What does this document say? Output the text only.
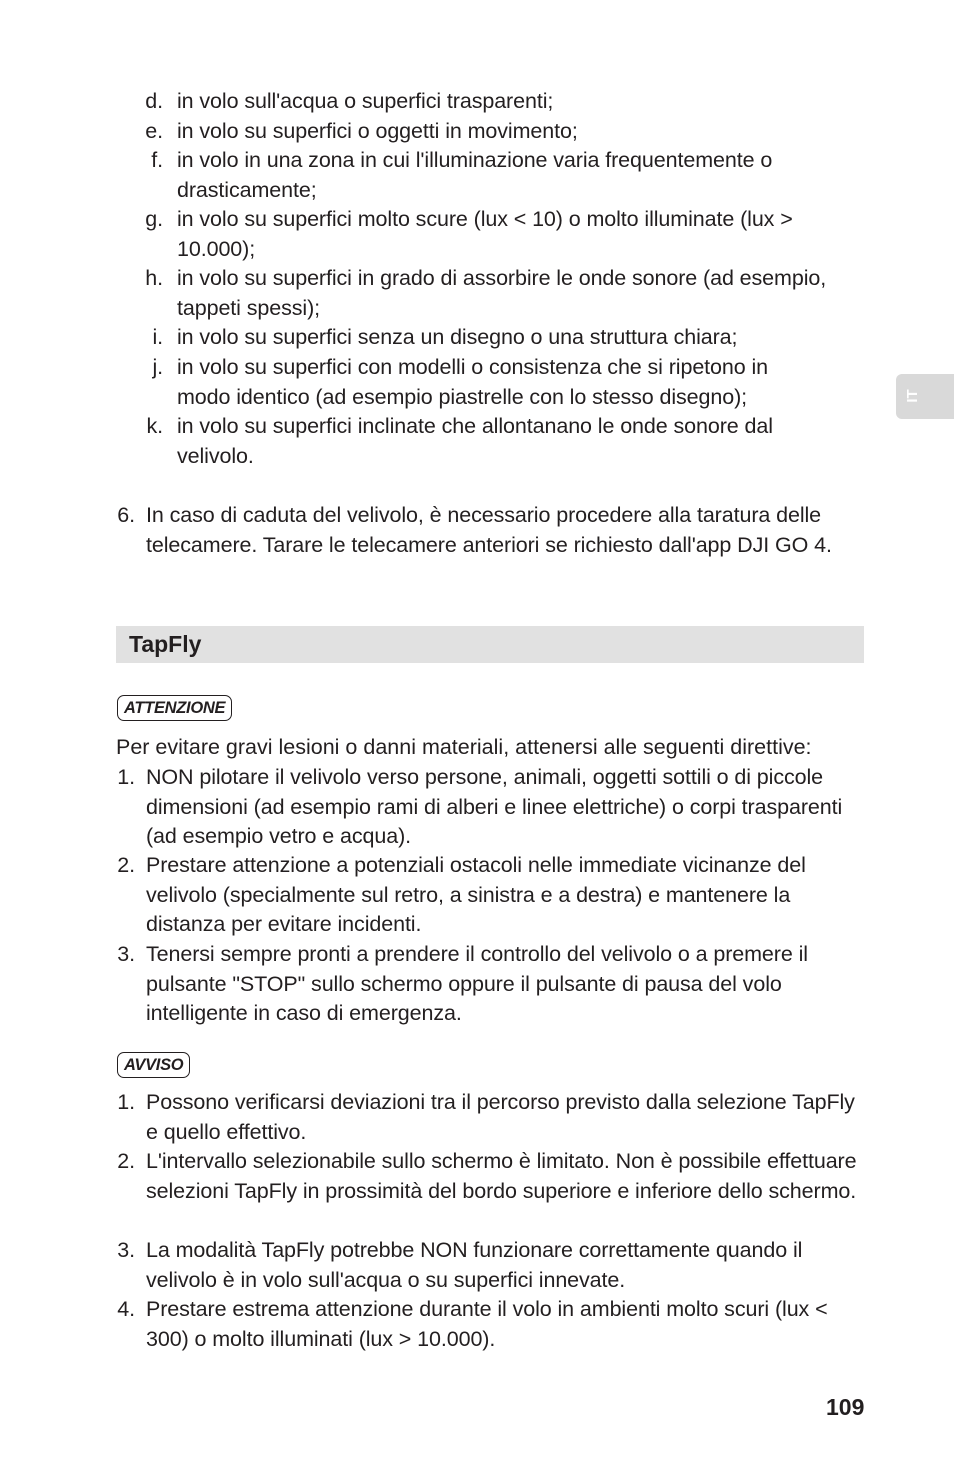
d. in volo sull'acqua o superfici trasparenti;
e. in volo su superfici o oggetti in movimento;
f. in volo in una zona in cui l'illuminazione varia frequentemente o drasticamente;
g. in volo su superfici molto scure (lux < 10) o molto illuminate (lux > 10.000);
h. in volo su superfici in grado di assorbire le onde sonore (ad esempio, tappeti spessi);
i. in volo su superfici senza un disegno o una struttura chiara;
j. in volo su superfici con modelli o consistenza che si ripetono in modo identico (ad esempio piastrelle con lo stesso disegno);
k. in volo su superfici inclinate che allontanano le onde sonore dal velivolo.
6. In caso di caduta del velivolo, è necessario procedere alla taratura delle telecamere. Tarare le telecamere anteriori se richiesto dall'app DJI GO 4.
TapFly
ATTENZIONE
Per evitare gravi lesioni o danni materiali, attenersi alle seguenti direttive:
1. NON pilotare il velivolo verso persone, animali, oggetti sottili o di piccole dimensioni (ad esempio rami di alberi e linee elettriche) o corpi trasparenti (ad esempio vetro e acqua).
2. Prestare attenzione a potenziali ostacoli nelle immediate vicinanze del velivolo (specialmente sul retro, a sinistra e a destra) e mantenere la distanza per evitare incidenti.
3. Tenersi sempre pronti a prendere il controllo del velivolo o a premere il pulsante "STOP" sullo schermo oppure il pulsante di pausa del volo intelligente in caso di emergenza.
AVVISO
1. Possono verificarsi deviazioni tra il percorso previsto dalla selezione TapFly e quello effettivo.
2. L'intervallo selezionabile sullo schermo è limitato. Non è possibile effettuare selezioni TapFly in prossimità del bordo superiore e inferiore dello schermo.
3. La modalità TapFly potrebbe NON funzionare correttamente quando il velivolo è in volo sull'acqua o su superfici innevate.
4. Prestare estrema attenzione durante il volo in ambienti molto scuri (lux < 300) o molto illuminati (lux > 10.000).
IT
109
